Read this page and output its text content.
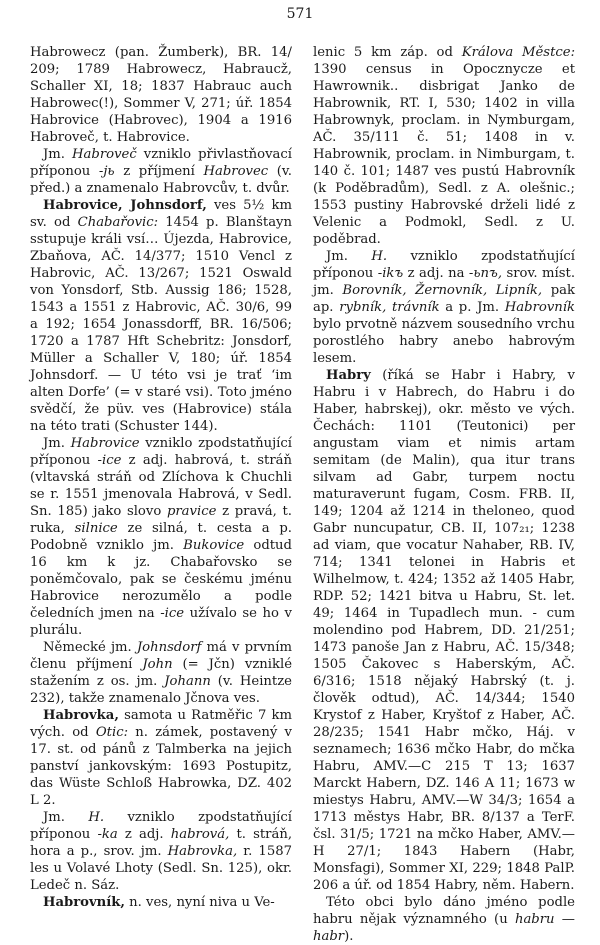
571

Habrowecz (pan. Žumberk), BR. 14/ 209; 1789 Habrowecz, Habraucž, Schaller XI, 18; 1837 Habrauc auch Habrowec(!), Sommer V, 271; úř. 1854 Habrovice (Habrovec), 1904 a 1916 Habroveč, t. Habrovice.

Jm. Habroveč vzniklo přivlastňovací příponou -jь z příjmení Habrovec (v. před.) a znamenalo Habrovcův, t. dvůr.

Habrovice, Johnsdorf, ves 5½ km sv. od Chabařovic: 1454 p. Blanštayn sstupuje králi vsí… Újezda, Habrovice, Zbaňova, AČ. 14/377; 1510 Vencl z Habrovic, AČ. 13/267; 1521 Oswald von Yonsdorf, Stb. Aussig 186; 1528, 1543 a 1551 z Habrovic, AČ. 30/6, 99 a 192; 1654 Jonassdorff, BR. 16/506; 1720 a 1787 Hft Schebritz: Jonsdorf, Müller a Schaller V, 180; úř. 1854 Johnsdorf. — U této vsi je trať ‘im alten Dorfe’ (= v staré vsi). Toto jméno svědčí, že püv. ves (Habrovice) stála na této trati (Schuster 144).

Jm. Habrovice vzniklo zpodstatňující příponou -ice z adj. habrová, t. stráň (vltavská stráň od Zlíchova k Chuchli se r. 1551 jmenovala Habrová, v Sedl. Sn. 185) jako slovo pravice z pravá, t. ruka, silnice ze silná, t. cesta a p. Podobně vzniklo jm. Bukovice odtud 16 km k jz. Chabařovsko se poněmčovalo, pak se českému jménu Habrovice nerozumělo a podle čeledních jmen na -ice užívalo se ho v plurálu.

Německé jm. Johnsdorf má v prvním členu příjmení John (= Jčn) vzniklé stažením z os. jm. Johann (v. Heintze 232), takže znamenalo Jčnova ves.

Habrovka, samota u Ratměřic 7 km vých. od Otic: n. zámek, postavený v 17. st. od pánů z Talmberka na jejich panství jankovským: 1693 Postupitz, das Wüste Schloß Habrowka, DZ. 402 L 2.

Jm. H. vzniklo zpodstatňující příponou -ka z adj. habrová, t. stráň, hora a p., srov. jm. Habrovka, r. 1587 les u Volavé Lhoty (Sedl. Sn. 125), okr. Ledeč n. Sáz.

Habrovník, n. ves, nyní niva u Ve-

lenic 5 km záp. od Králova Městce: 1390 census in Opocznycze et Hawrownik.. disbrigat Janko de Habrownik, RT. I, 530; 1402 in villa Habrownyk, proclam. in Nymburgam, AČ. 35/111 č. 51; 1408 in v. Habrownik, proclam. in Nimburgam, t. 140 č. 101; 1487 ves pustú Habrovník (k Poděbradům), Sedl. z A. olešnic.; 1553 pustiny Habrovské drželi lidé z Velenic a Podmokl, Sedl. z U. poděbrad.

Jm. H. vzniklo zpodstatňující příponou -ikъ z adj. na -ьnъ, srov. míst. jm. Borovník, Žernovník, Lipník, pak ap. rybník, trávník a p. Jm. Habrovník bylo prvotně názvem sousedního vrchu porostlého habry anebo habrovým lesem.

Habry (říká se Habr i Habry, v Habru i v Habrech, do Habru i do Haber, habrskej), okr. město ve vých. Čechách: 1101 (Teutonici) per angustam viam et nimis artam semitam (de Malin), qua itur trans silvam ad Gabr, turpem noctu maturaverunt fugam, Cosm. FRB. II, 149; 1204 až 1214 in theloneo, quod Gabr nuncupatur, CB. II, 107₂₁; 1238 ad viam, que vocatur Nahaber, RB. IV, 714; 1341 telonei in Habris et Wilhelmow, t. 424; 1352 až 1405 Habr, RDP. 52; 1421 bitva u Habru, St. let. 49; 1464 in Tupadlech mun. - cum molendino pod Habrem, DD. 21/251; 1473 panoše Jan z Habru, AČ. 15/348; 1505 Čakovec s Haberským, AČ. 6/316; 1518 nějaký Habrský (t. j. člověk odtud), AČ. 14/344; 1540 Krystof z Haber, Kryštof z Haber, AČ. 28/235; 1541 Habr mčko, Háj. v seznamech; 1636 mčko Habr, do mčka Habru, AMV.—C 215 T 13; 1637 Marckt Habern, DZ. 146 A 11; 1673 w miestys Habru, AMV.—W 34/3; 1654 a 1713 městys Habr, BR. 8/137 a TerF. čsl. 31/5; 1721 na mčko Haber, AMV.—H 27/1; 1843 Habern (Habr, Monsfagi), Sommer XI, 229; 1848 PalP. 206 a úř. od 1854 Habry, něm. Habern.

Této obci bylo dáno jméno podle habru nějak významného (u habru — habr).
